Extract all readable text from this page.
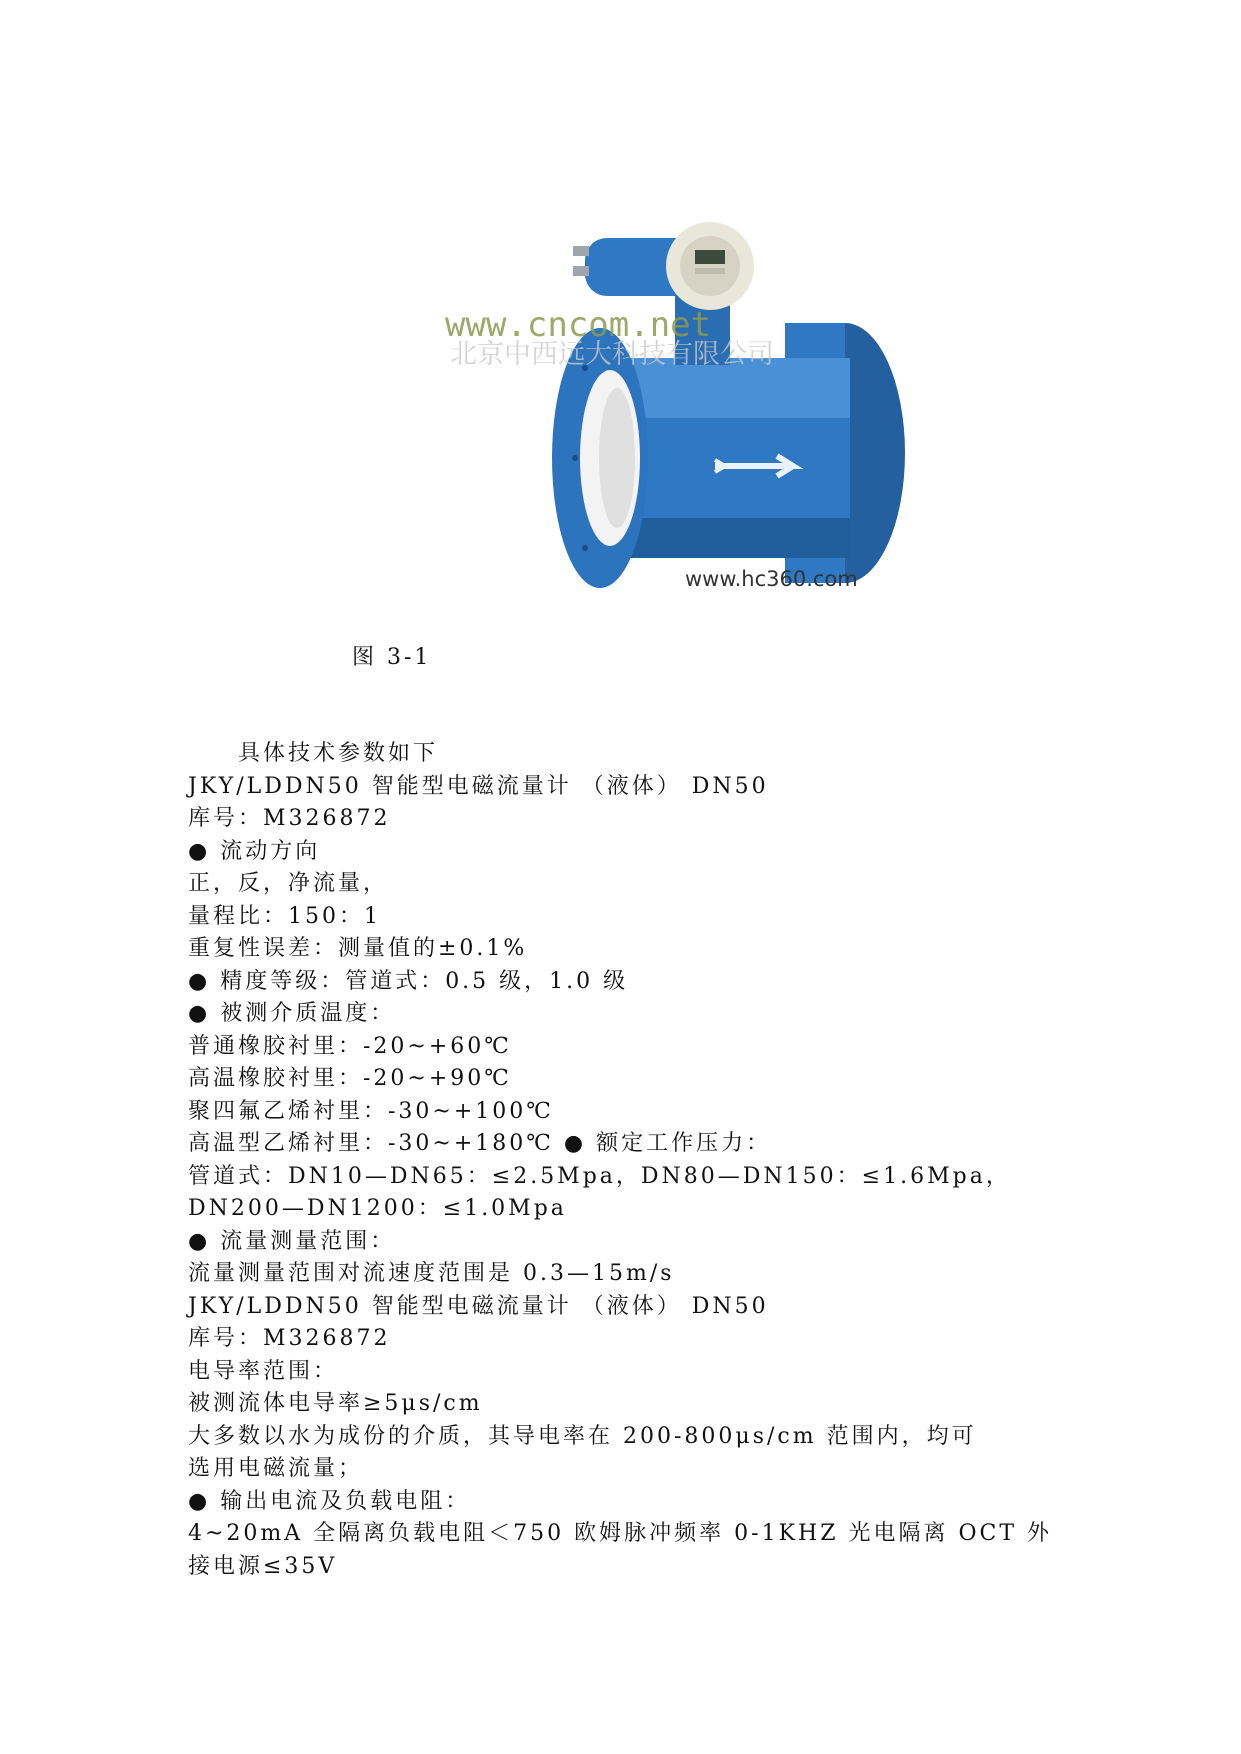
www.cncom.net
北京中西远大科技有限公司
www.hc360.com
图 3-1

具体技术参数如下

JKY/LDDN50 智能型电磁流量计 （液体） DN50

库号：M326872

● 流动方向

正，反，净流量，

量程比：150：1

重复性误差：测量值的±0.1%

● 精度等级：管道式：0.5 级，1.0 级

● 被测介质温度：

普通橡胶衬里：-20~+60℃

高温橡胶衬里：-20~+90℃

聚四氟乙烯衬里：-30~+100℃

高温型乙烯衬里：-30~+180℃ ● 额定工作压力：

管道式：DN10—DN65：≤2.5Mpa，DN80—DN150：≤1.6Mpa，

DN200—DN1200：≤1.0Mpa

● 流量测量范围：

流量测量范围对流速度范围是 0.3—15m/s

JKY/LDDN50 智能型电磁流量计 （液体） DN50

库号：M326872

电导率范围：

被测流体电导率≥5μs/cm

大多数以水为成份的介质，其导电率在 200-800μs/cm 范围内，均可

选用电磁流量；

● 输出电流及负载电阻：

4~20mA 全隔离负载电阻＜750 欧姆脉冲频率 0-1KHZ 光电隔离 OCT 外

接电源≤35V
